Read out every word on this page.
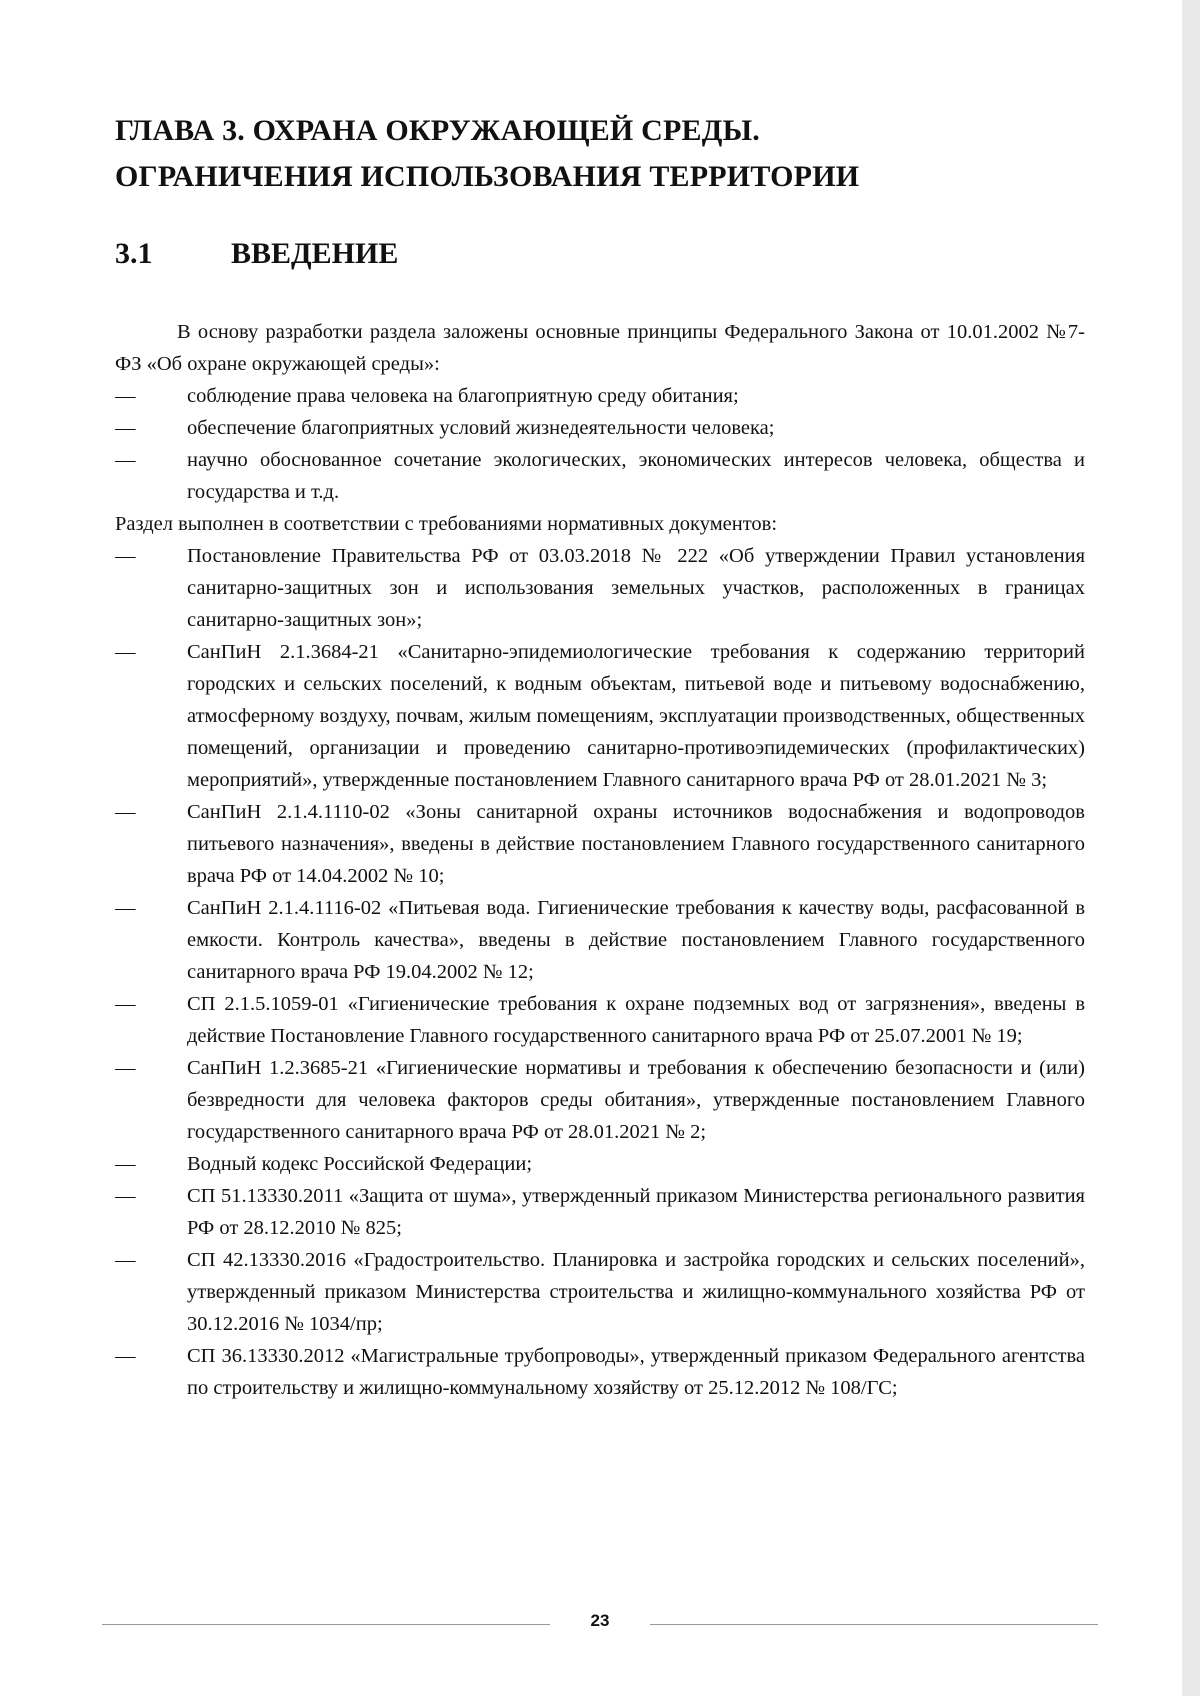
ГЛАВА 3. ОХРАНА ОКРУЖАЮЩЕЙ СРЕДЫ.
ОГРАНИЧЕНИЯ ИСПОЛЬЗОВАНИЯ ТЕРРИТОРИИ
3.1	ВВЕДЕНИЕ

В основу разработки раздела заложены основные принципы Федерального Закона от 10.01.2002 №7-ФЗ «Об охране окружающей среды»:

—	соблюдение права человека на благоприятную среду обитания;
—	обеспечение благоприятных условий жизнедеятельности человека;
—	научно обоснованное сочетание экологических, экономических интересов человека, общества и государства и т.д.

Раздел выполнен в соответствии с требованиями нормативных документов:

—	Постановление Правительства РФ от 03.03.2018 № 222 «Об утверждении Правил установления санитарно-защитных зон и использования земельных участков, расположенных в границах санитарно-защитных зон»;
—	СанПиН 2.1.3684-21 «Санитарно-эпидемиологические требования к содержанию территорий городских и сельских поселений, к водным объектам, питьевой воде и питьевому водоснабжению, атмосферному воздуху, почвам, жилым помещениям, эксплуатации производственных, общественных помещений, организации и проведению санитарно-противоэпидемических (профилактических) мероприятий», утвержденные постановлением Главного санитарного врача РФ от 28.01.2021 № 3;
—	СанПиН 2.1.4.1110-02 «Зоны санитарной охраны источников водоснабжения и водопроводов питьевого назначения», введены в действие постановлением Главного государственного санитарного врача РФ от 14.04.2002 № 10;
—	СанПиН 2.1.4.1116-02 «Питьевая вода. Гигиенические требования к качеству воды, расфасованной в емкости. Контроль качества», введены в действие постановлением Главного государственного санитарного врача РФ 19.04.2002 № 12;
—	СП 2.1.5.1059-01 «Гигиенические требования к охране подземных вод от загрязнения», введены в действие Постановление Главного государственного санитарного врача РФ от 25.07.2001 № 19;
—	СанПиН 1.2.3685-21 «Гигиенические нормативы и требования к обеспечению безопасности и (или) безвредности для человека факторов среды обитания», утвержденные постановлением Главного государственного санитарного врача РФ от 28.01.2021 № 2;
—	Водный кодекс Российской Федерации;
—	СП 51.13330.2011 «Защита от шума», утвержденный приказом Министерства регионального развития РФ от 28.12.2010 № 825;
—	СП 42.13330.2016 «Градостроительство. Планировка и застройка городских и сельских поселений», утвержденный приказом Министерства строительства и жилищно-коммунального хозяйства РФ от 30.12.2016 № 1034/пр;
—	СП 36.13330.2012 «Магистральные трубопроводы», утвержденный приказом Федерального агентства по строительству и жилищно-коммунальному хозяйству от 25.12.2012 № 108/ГС;
23
